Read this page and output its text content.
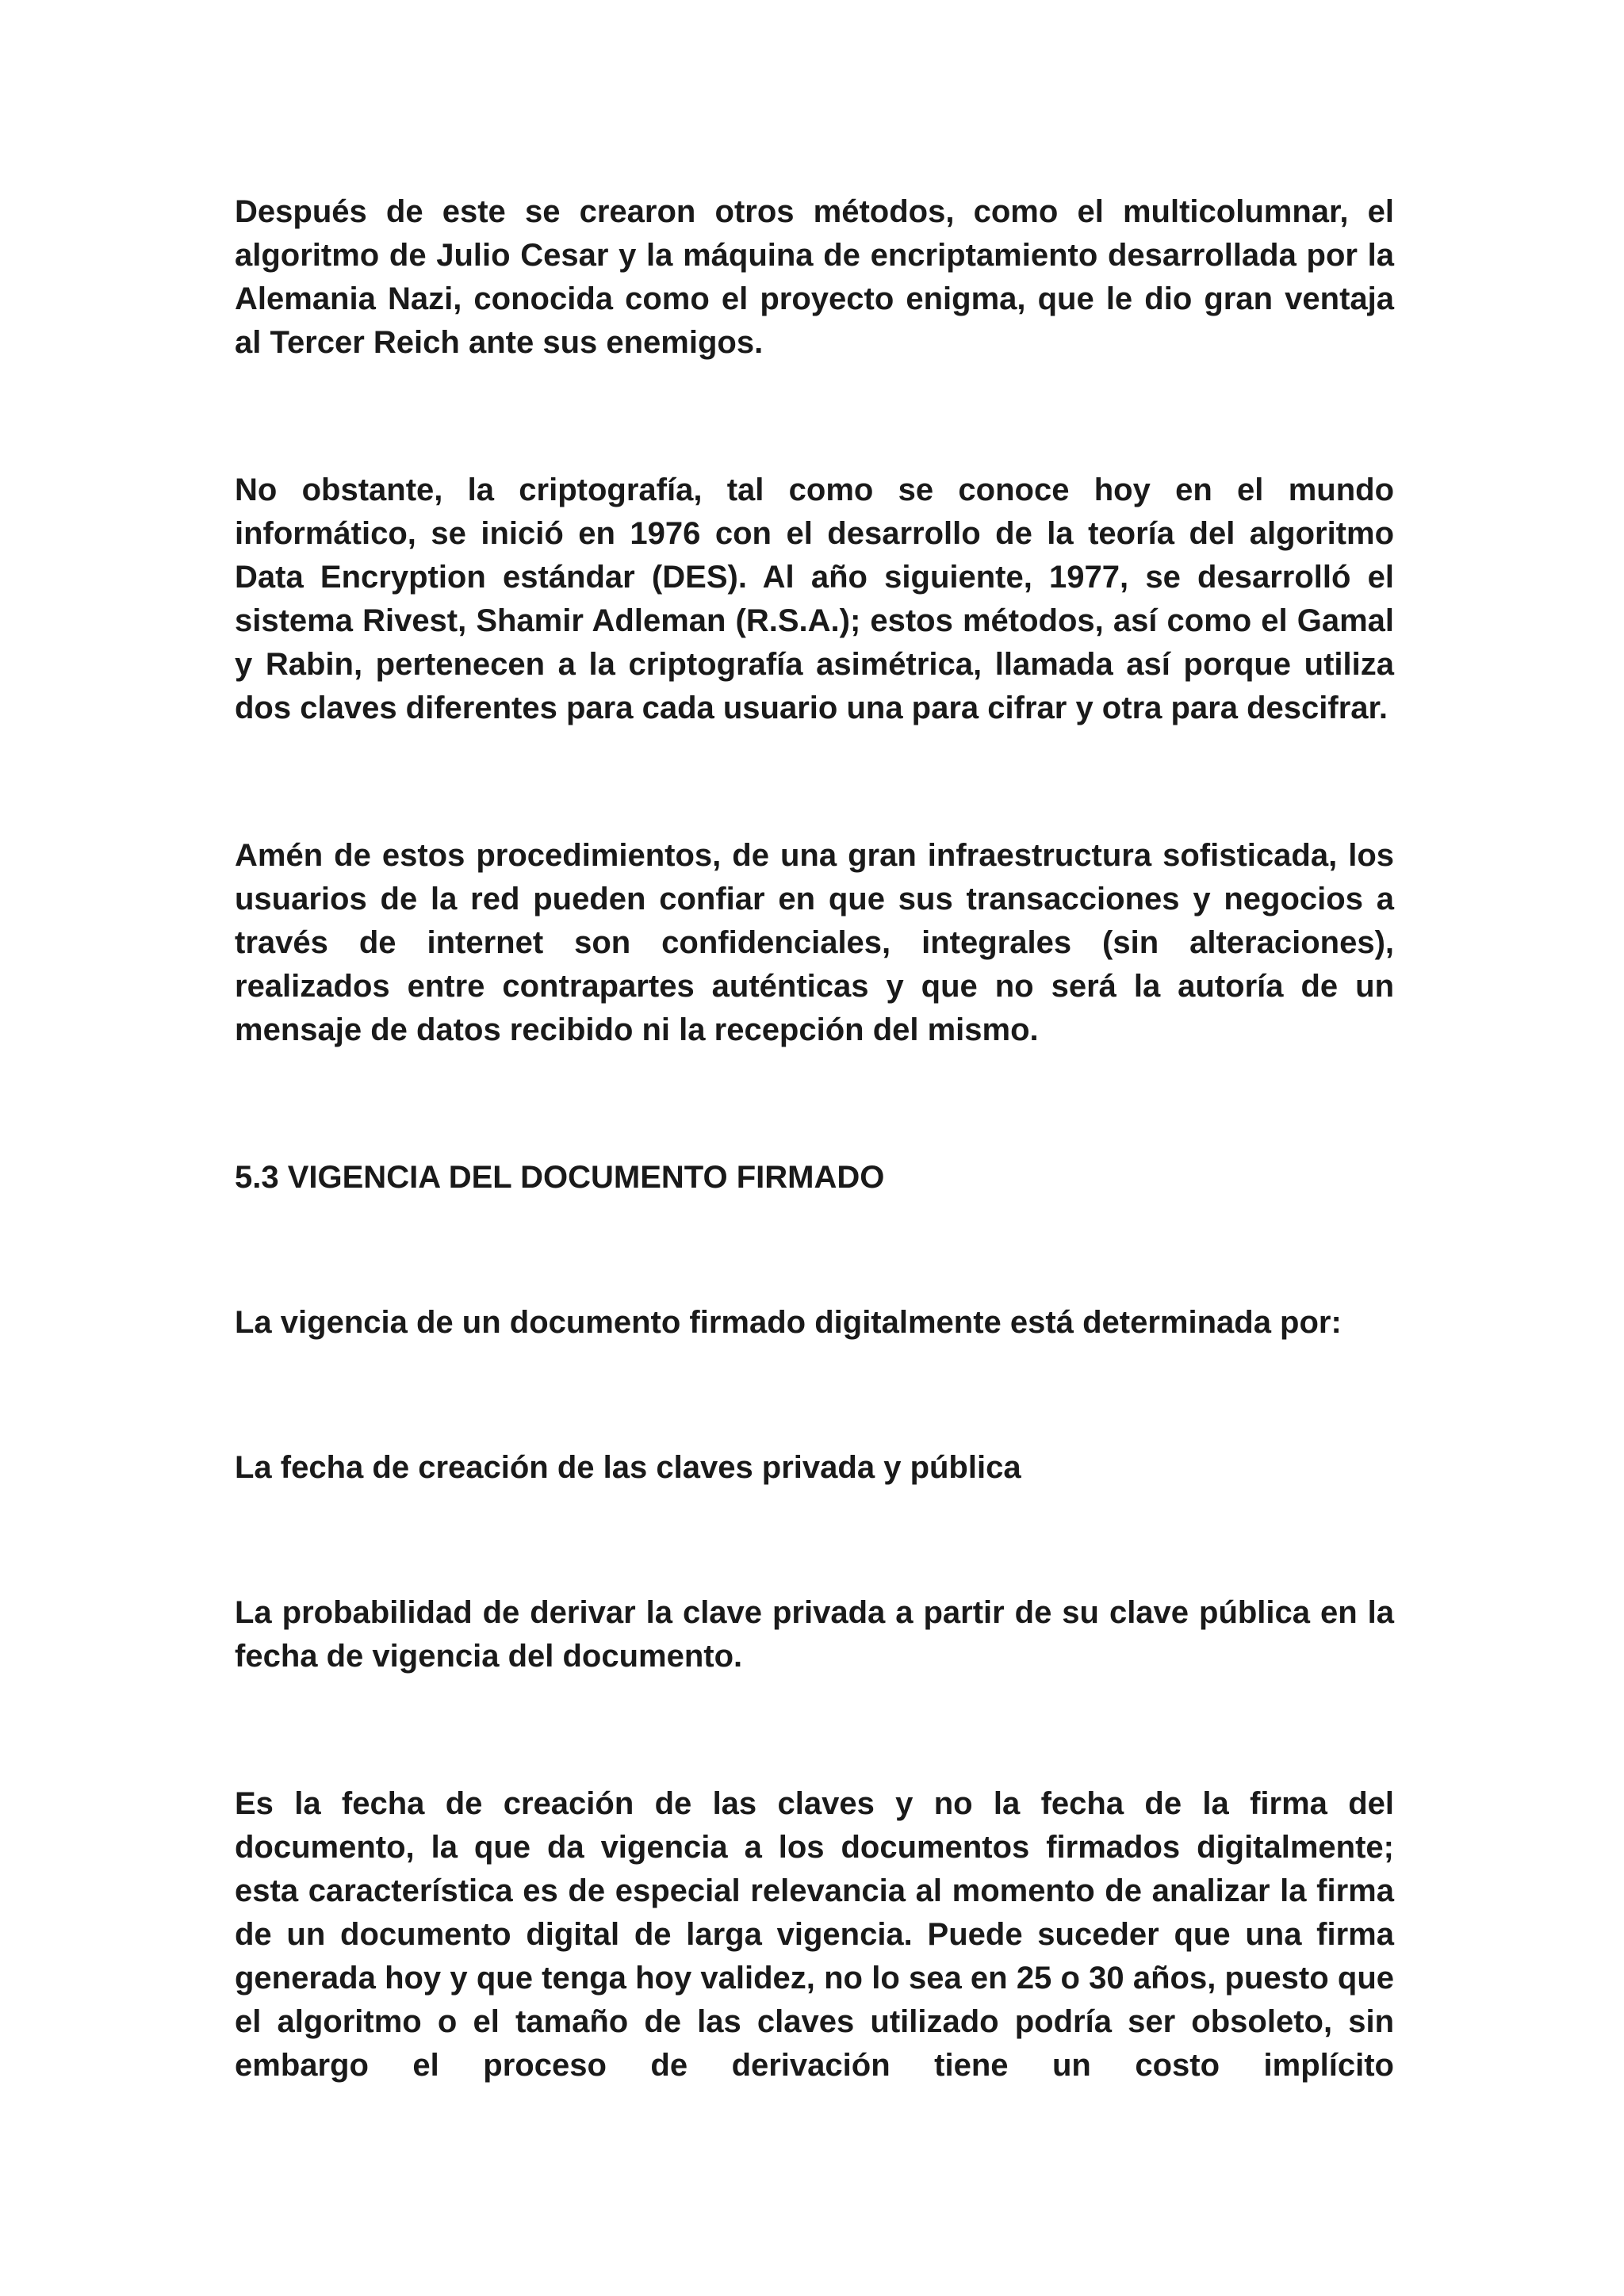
Después de este se crearon otros métodos, como el multicolumnar, el algoritmo de Julio Cesar y la máquina de encriptamiento desarrollada por la Alemania Nazi, conocida como el proyecto enigma, que le dio gran ventaja al Tercer Reich ante sus enemigos.

No obstante, la criptografía, tal como se conoce hoy en el mundo informático, se inició en 1976 con el desarrollo de la teoría del algoritmo Data Encryption estándar (DES). Al año siguiente, 1977, se desarrolló el sistema Rivest, Shamir Adleman (R.S.A.); estos métodos, así como el Gamal y Rabin, pertenecen a la criptografía asimétrica, llamada así porque utiliza dos claves diferentes para cada usuario una para cifrar y otra para descifrar.

Amén de estos procedimientos, de una gran infraestructura sofisticada, los usuarios de la red pueden confiar en que sus transacciones y negocios a través de internet son confidenciales, integrales (sin alteraciones), realizados entre contrapartes auténticas y que no será la autoría de un mensaje de datos recibido ni la recepción del mismo.

5.3 VIGENCIA DEL DOCUMENTO FIRMADO

La vigencia de un documento firmado digitalmente está determinada por:

La fecha de creación de las claves privada y pública

La probabilidad de derivar la clave privada a partir de su clave pública en la fecha de vigencia del documento.

Es la fecha de creación de las claves y no la fecha de la firma del documento, la que da vigencia a los documentos firmados digitalmente; esta característica es de especial relevancia al momento de analizar la firma de un documento digital de larga vigencia. Puede suceder que una firma generada hoy y que tenga hoy validez, no lo sea en 25 o 30 años, puesto que el algoritmo o el tamaño de las claves utilizado podría ser obsoleto, sin embargo el proceso de derivación tiene un costo implícito
